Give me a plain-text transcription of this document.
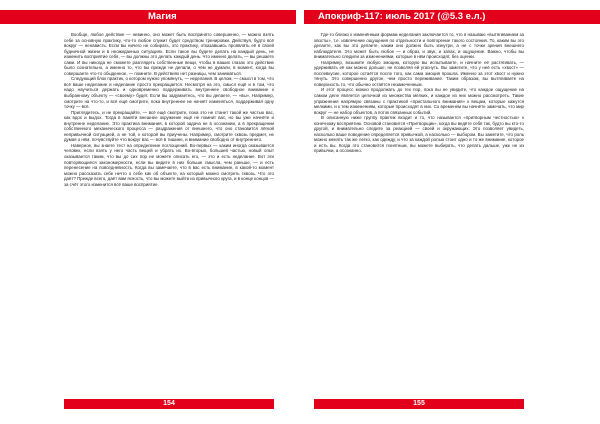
Магия	Апокриф-117: июль 2017 (@5.3 е.л.)

Вообще, любое действие — невинно, оно может быть воспринято совершенно, — можно взять себе за основную практику, что-то любое служит будет средством тренировки. Действуя, будто всё вокруг — ненависть. Если вы ничего не собирать, это практику, отказавшись проявлять её в своей будничной жизни и в неожиданных ситуациях. Если такое вы будете делать на каждый день, не изменить восприятие себя, — вы должны это делать каждый день. Что именно делать, — вы решаете сами. И вы никогда не сможете разглядеть собственные вещи, чтобы в ваших глазах это действие было сознательно, а именно то, что вы прежде не делали, о чём не думали, в момент, когда вы совершаете что-то обыденное, — помните. В действиях нет разницы, чем заниматься.

Следующий блок практик, о котором нужно упомянуть, — неделания. В целом, — смысл в том, что всё ваше неделание и неделание просто прекращается. Несмотря на это, смысл ещё и в том, что надо научиться держать и одновременно поддерживать внутреннее свободное внимание к выбранному объекту — «своему» будет. Если вы задумаетесь, что вы делаете, — «вы». Например, смотрите на что-то, и всё ещё смотрите, пока внутреннее не начнёт изменяться, поддерживая одну точку — всё.

Приглядитесь, и не прекращайте, — всё ещё смотрите, пока это не станет такой же частью вас, как вдох и выдох. Тогда в памяти внешнее окружение ещё не помнит вас, но вы уже начнёте и внутренне неделание. Это практика внимания, в которой задача не в осознании, а в прекращении собственного механического процесса — раздражения от внешнего, что оно становится лёгкой непривычной ситуацией, а не той, к которой вы приучены. Например, смотрите сквозь предмет, не думая о нём, почувствуйте что вокруг вас — всё в тишине, и внимание свободно от внутреннего.

Наверное, вы знаете тест на определение поглощений. Во-первых — каким иногда оказывается человек, если взять у него часть вещей и убрать их. Во-вторых, большей частью, новый опыт оказывается таким, что вы до сих пор не можете описать его, — это и есть неделание. Вот эти повторяющиеся закономерности, если вы видите в них больше смысла, чем раньше, — и есть перенесение на повседневность. Когда вы замечаете, что в вас есть внимание, в какой-то момент можно рассказать себе нечто о себе как об объекте, на который можно смотреть сквозь. Что это даёт? Прежде всего, даёт вам ясность, что вы можете выйти из привычного круга, и в конце концов — за счёт этого изменится всё ваше восприятие.

Где-то близко к изменённым формам неделания заключается то, что я называю «вытягиванием за хвосты», т.е. извлечение ощущения по отдельности и повторение такого состояния. То, каким вы это делаете, как вы это делаете, каким оно должно быть изнутри, а не с точки зрения внешнего наблюдателя. Это может быть любое — и образ, и звук, и запах, и ощущение. Важно, чтобы вы внимательно следили за изменениями, которые в нём происходят, без оценки.

Например, возьмите любую эмоцию, которую вы испытываете, и начните её растягивать, — удерживать её как можно дольше, не позволяя ей угаснуть. Вы заметите, что у неё есть «хвост» — послевкусие, которое остаётся после того, как сама эмоция прошла. Именно за этот хвост и нужно тянуть. Это совершенно другое, чем просто переживание. Таким образом, вы вытягиваете на поверхность то, что обычно остаётся незамеченным.

И этот процесс можно продолжать до тех пор, пока вы не увидите, что каждое ощущение на самом деле является цепочкой из множества мелких, и каждое из них можно рассмотреть. Такие упражнения напрямую связаны с практикой «пристального внимания» к вещам, которые кажутся мелкими, и к тем изменениям, которые происходят в них. Со временем вы начнёте замечать, что мир вокруг — не набор объектов, а поток связанных событий.

В описанную ниже группу практик входит и то, что называется «притворным честностью» к конечному восприятию. Основой становится «Притворщик», когда вы ведёте себя так, будто вы кто-то другой, и внимательно следите за реакцией — своей и окружающих. Это позволяет увидеть, насколько ваше поведение определяется привычкой, а насколько — выбором. Вы заметите, что роль можно менять так же легко, как одежду, и что за каждой ролью стоит одно и то же внимание, которое и есть вы. Когда это становится понятным, вы можете выбирать, что делать дальше, уже не из привычки, а осознанно.

154	155
